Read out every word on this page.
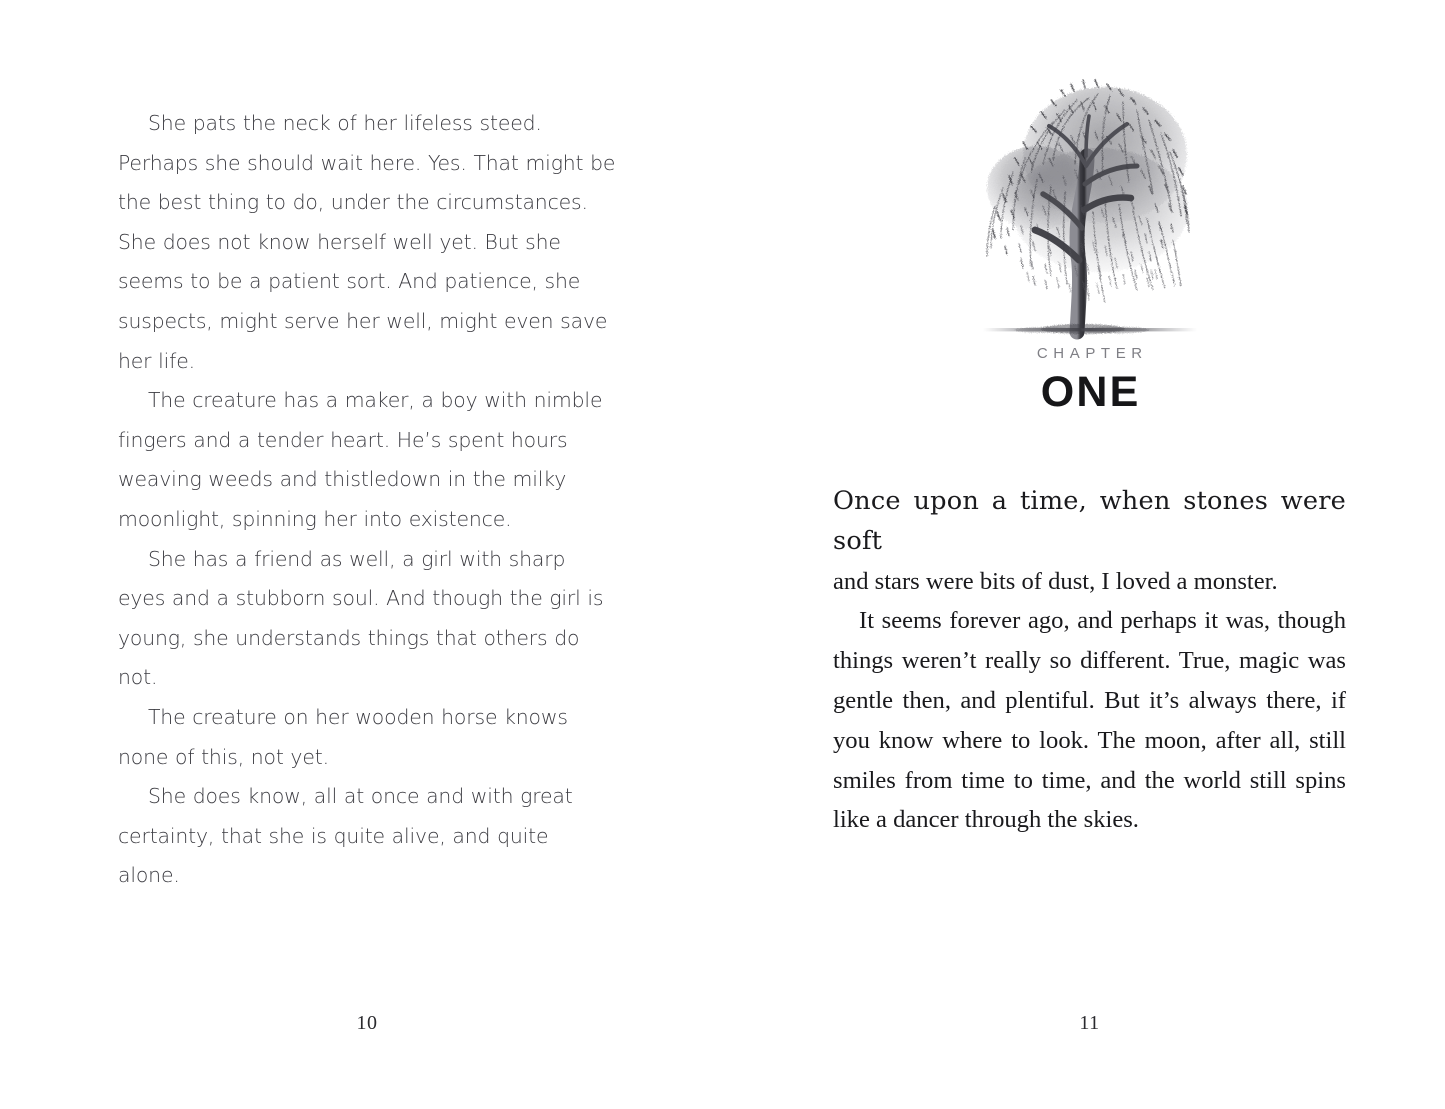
She pats the neck of her lifeless steed. Perhaps she should wait here. Yes. That might be the best thing to do, under the circumstances. She does not know herself well yet. But she seems to be a patient sort. And patience, she suspects, might serve her well, might even save her life.

The creature has a maker, a boy with nimble fingers and a tender heart. He’s spent hours weaving weeds and thistledown in the milky moonlight, spinning her into existence.

She has a friend as well, a girl with sharp eyes and a stubborn soul. And though the girl is young, she understands things that others do not.

The creature on her wooden horse knows none of this, not yet.

She does know, all at once and with great certainty, that she is quite alive, and quite alone.

CHAPTER
ONE

Once upon a time, when stones were soft
and stars were bits of dust, I loved a monster.

It seems forever ago, and perhaps it was, though things weren’t really so different. True, magic was gentle then, and plentiful. But it’s always there, if you know where to look. The moon, after all, still smiles from time to time, and the world still spins like a dancer through the skies.

10	11
